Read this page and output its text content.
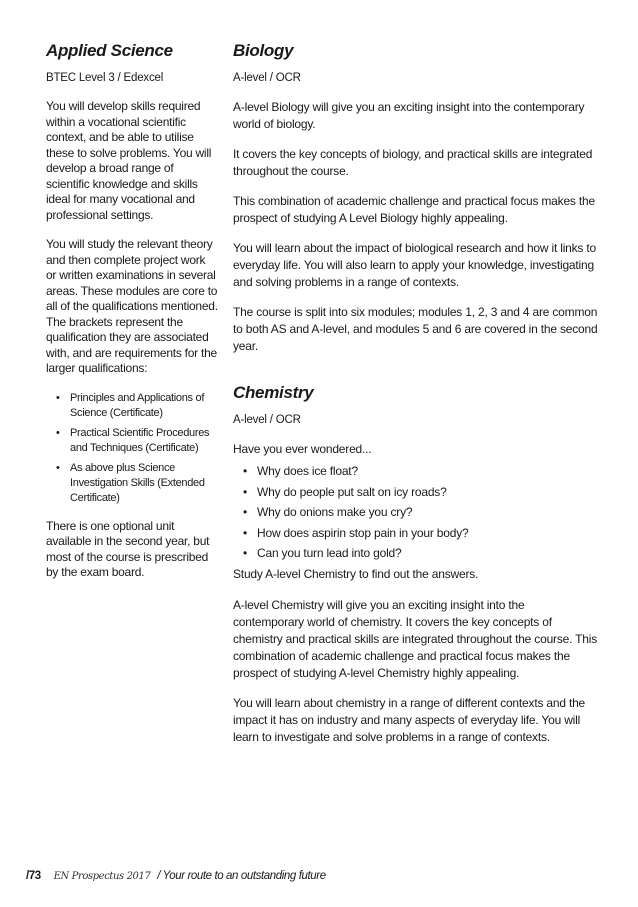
Applied Science
BTEC Level 3 / Edexcel

You will develop skills required within a vocational scientific context, and be able to utilise these to solve problems. You will develop a broad range of scientific knowledge and skills ideal for many vocational and professional settings.

You will study the relevant theory and then complete project work or written examinations in several areas. These modules are core to all of the qualifications mentioned. The brackets represent the qualification they are associated with, and are requirements for the larger qualifications:

• Principles and Applications of Science (Certificate)
• Practical Scientific Procedures and Techniques (Certificate)
• As above plus Science Investigation Skills (Extended Certificate)

There is one optional unit available in the second year, but most of the course is prescribed by the exam board.

Biology
A-level / OCR

A-level Biology will give you an exciting insight into the contemporary world of biology.

It covers the key concepts of biology, and practical skills are integrated throughout the course.

This combination of academic challenge and practical focus makes the prospect of studying A Level Biology highly appealing.

You will learn about the impact of biological research and how it links to everyday life. You will also learn to apply your knowledge, investigating and solving problems in a range of contexts.

The course is split into six modules; modules 1, 2, 3 and 4 are common to both AS and A-level, and modules 5 and 6 are covered in the second year.

Chemistry
A-level / OCR

Have you ever wondered...

• Why does ice float?
• Why do people put salt on icy roads?
• Why do onions make you cry?
• How does aspirin stop pain in your body?
• Can you turn lead into gold?

Study A-level Chemistry to find out the answers.

A-level Chemistry will give you an exciting insight into the contemporary world of chemistry. It covers the key concepts of chemistry and practical skills are integrated throughout the course. This combination of academic challenge and practical focus makes the prospect of studying A-level Chemistry highly appealing.

You will learn about chemistry in a range of different contexts and the impact it has on industry and many aspects of everyday life. You will learn to investigate and solve problems in a range of contexts.

/73 EN Prospectus 2017 / Your route to an outstanding future
